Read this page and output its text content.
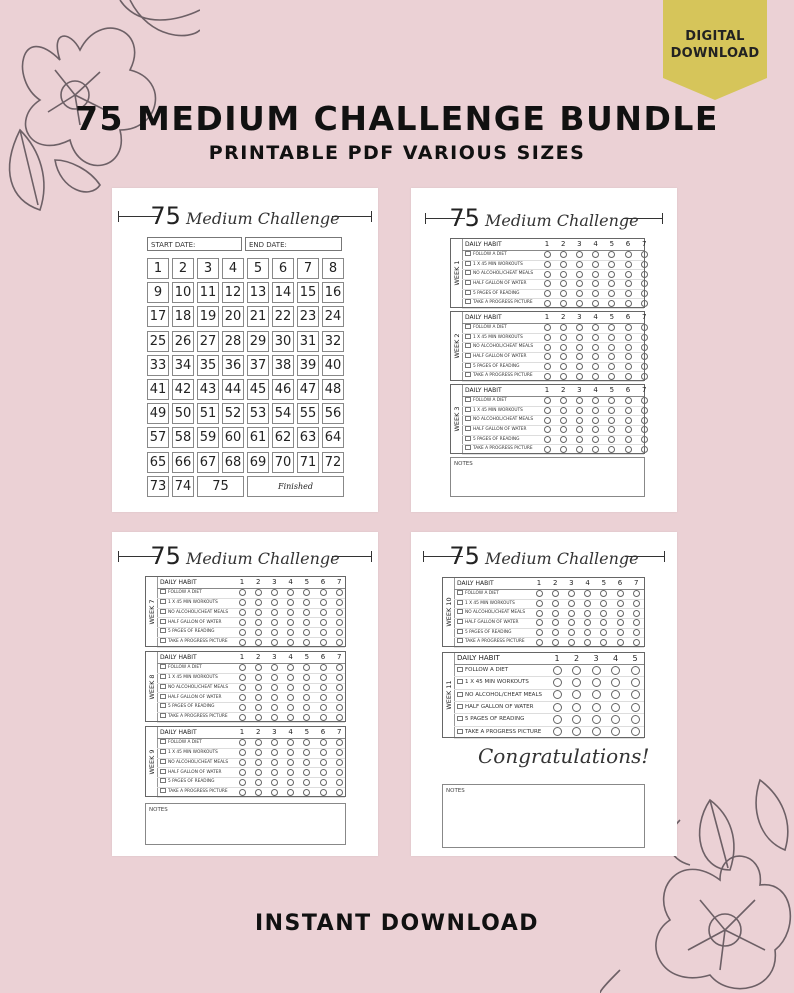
DIGITAL
DOWNLOAD
75 MEDIUM CHALLENGE BUNDLE
PRINTABLE PDF VARIOUS SIZES
75 Medium Challenge
START DATE:	END DATE:
1	2	3	4	5	6	7	8
9 10 11 12 13 14 15 16
17 18 19 20 21 22 23 24
25 26 27 28 29 30 31 32
33 34 35 36 37 38 39 40
41 42 43 44 45 46 47 48
49 50 51 52 53 54 55 56
57 58 59 60 61 62 63 64
65 66 67 68 69 70 71 72
73 74	75	Finished
75 Medium Challenge
NOTES
WEEK 1
DAILY HABIT	1	2	3	4	5	6	7
FOLLOW A DIET
1 X 45 MIN WORKOUTS
NO ALCOHOL/CHEAT MEALS
HALF GALLON OF WATER
5 PAGES OF READING
TAKE A PROGRESS PICTURE
WEEK 2
DAILY HABIT	1	2	3	4	5	6	7
FOLLOW A DIET
1 X 45 MIN WORKOUTS
NO ALCOHOL/CHEAT MEALS
HALF GALLON OF WATER
5 PAGES OF READING
TAKE A PROGRESS PICTURE
WEEK 3
DAILY HABIT	1	2	3	4	5	6	7
FOLLOW A DIET
1 X 45 MIN WORKOUTS
NO ALCOHOL/CHEAT MEALS
HALF GALLON OF WATER
5 PAGES OF READING
TAKE A PROGRESS PICTURE
75 Medium Challenge
NOTES
WEEK 7
DAILY HABIT	1	2	3	4	5	6	7
FOLLOW A DIET
1 X 45 MIN WORKOUTS
NO ALCOHOL/CHEAT MEALS
HALF GALLON OF WATER
5 PAGES OF READING
TAKE A PROGRESS PICTURE
WEEK 8
DAILY HABIT	1	2	3	4	5	6	7
FOLLOW A DIET
1 X 45 MIN WORKOUTS
NO ALCOHOL/CHEAT MEALS
HALF GALLON OF WATER
5 PAGES OF READING
TAKE A PROGRESS PICTURE
WEEK 9
DAILY HABIT	1	2	3	4	5	6	7
FOLLOW A DIET
1 X 45 MIN WORKOUTS
NO ALCOHOL/CHEAT MEALS
HALF GALLON OF WATER
5 PAGES OF READING
TAKE A PROGRESS PICTURE
75 Medium Challenge
Congratulations!
NOTES
WEEK 10
DAILY HABIT	1	2	3	4	5	6	7
FOLLOW A DIET
1 X 45 MIN WORKOUTS
NO ALCOHOL/CHEAT MEALS
HALF GALLON OF WATER
5 PAGES OF READING
TAKE A PROGRESS PICTURE
WEEK 11
DAILY HABIT	1	2	3	4	5
FOLLOW A DIET
1 X 45 MIN WORKOUTS
NO ALCOHOL/CHEAT MEALS
HALF GALLON OF WATER
5 PAGES OF READING
TAKE A PROGRESS PICTURE
INSTANT DOWNLOAD
